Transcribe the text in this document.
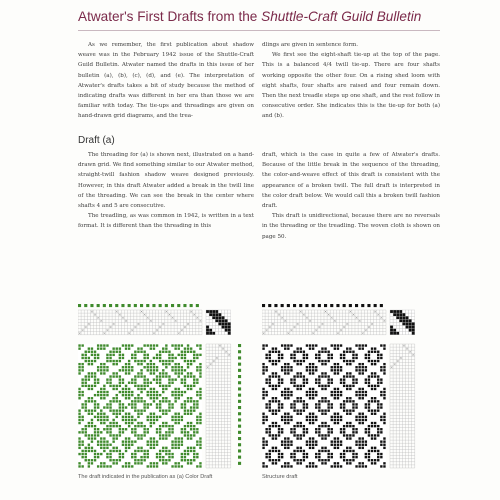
Atwater's First Drafts from the Shuttle-Craft Guild Bulletin

As we remember, the first publication about shadow weave was in the February 1942 issue of the Shuttle-Craft Guild Bulletin. Atwater named the drafts in this issue of her bulletin (a), (b), (c), (d), and (e). The interpretation of Atwater's drafts takes a bit of study because the method of indicating drafts was different in her era than those we are familiar with today. The tie-ups and threadings are given on hand-drawn grid diagrams, and the trea-

dlings are given in sentence form.

We first see the eight-shaft tie-up at the top of the page. This is a balanced 4/4 twill tie-up. There are four shafts working opposite the other four. On a rising shed loom with eight shafts, four shafts are raised and four remain down. Then the next treadle steps up one shaft, and the rest follow in consecutive order. She indicates this is the tie-up for both (a) and (b).

Draft (a)

The threading for (a) is shown next, illustrated on a hand-drawn grid. We find something similar to our Atwater method, straight-twill fashion shadow weave designed previously. However, in this draft Atwater added a break in the twill line of the threading. We can see the break in the center where shafts 4 and 5 are consecutive.

The treadling, as was common in 1942, is written in a text format. It is different than the threading in this

draft, which is the case in quite a few of Atwater's drafts. Because of the little break in the sequence of the threading, the color-and-weave effect of this draft is consistent with the appearance of a broken twill. The full draft is interpreted in the color draft below. We would call this a broken twill fashion draft.

This draft is unidirectional, because there are no reversals in the threading or the treadling. The woven cloth is shown on page 50.

The draft indicated in the publication as (a) Color Draft	Structure draft
